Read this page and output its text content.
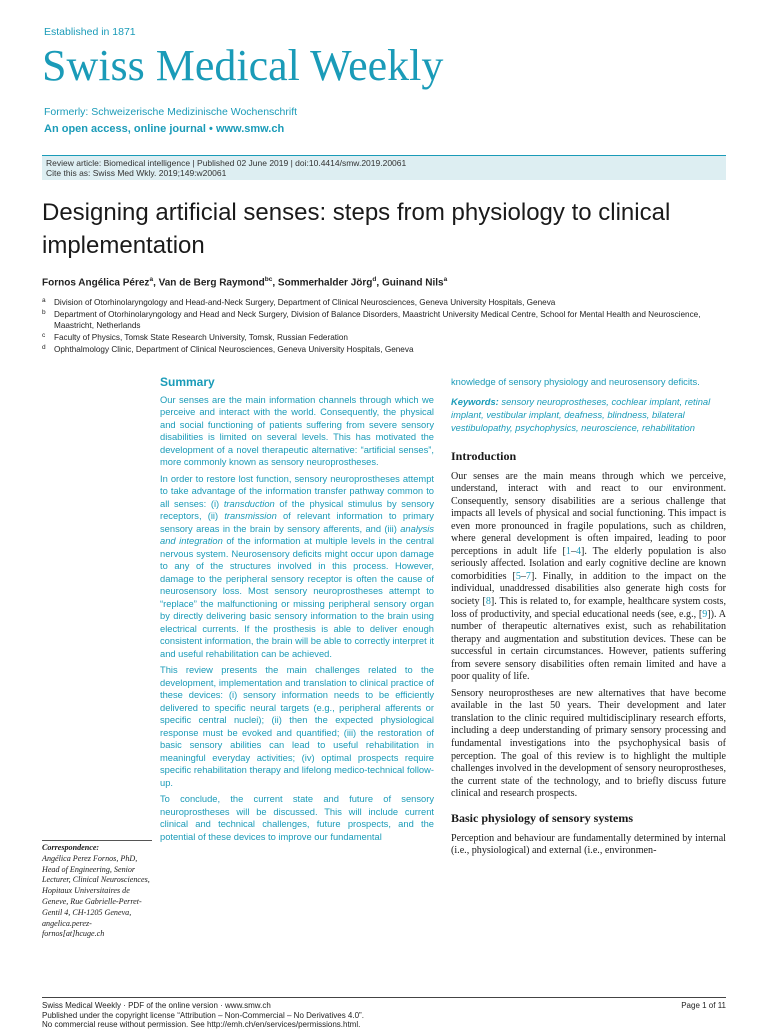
Established in 1871
Swiss Medical Weekly
Formerly: Schweizerische Medizinische Wochenschrift
An open access, online journal • www.smw.ch
Review article: Biomedical intelligence | Published 02 June 2019 | doi:10.4414/smw.2019.20061
Cite this as: Swiss Med Wkly. 2019;149:w20061
Designing artificial senses: steps from physiology to clinical implementation
Fornos Angélica Pérez$^a$, Van de Berg Raymond$^{bc}$, Sommerhalder Jörg$^d$, Guinand Nils$^a$
a Division of Otorhinolaryngology and Head-and-Neck Surgery, Department of Clinical Neurosciences, Geneva University Hospitals, Geneva
b Department of Otorhinolaryngology and Head and Neck Surgery, Division of Balance Disorders, Maastricht University Medical Centre, School for Mental Health and Neuroscience, Maastricht, Netherlands
c Faculty of Physics, Tomsk State Research University, Tomsk, Russian Federation
d Ophthalmology Clinic, Department of Clinical Neurosciences, Geneva University Hospitals, Geneva
Summary

Our senses are the main information channels through which we perceive and interact with the world. Consequently, the physical and social functioning of patients suffering from severe sensory disabilities is limited on several levels. This has motivated the development of a novel therapeutic alternative: “artificial senses”, more commonly known as sensory neuroprostheses.

In order to restore lost function, sensory neuroprostheses attempt to take advantage of the information transfer pathway common to all senses: (i) transduction of the physical stimulus by sensory receptors, (ii) transmission of relevant information to primary sensory areas in the brain by sensory afferents, and (iii) analysis and integration of the information at multiple levels in the central nervous system. Neurosensory deficits might occur upon damage to any of the structures involved in this process. However, damage to the peripheral sensory receptor is often the cause of neurosensory loss. Most sensory neuroprostheses attempt to “replace” the malfunctioning or missing peripheral sensory organ by directly delivering basic sensory information to the brain using electrical currents. If the prosthesis is able to deliver enough consistent information, the brain will be able to correctly interpret it and useful rehabilitation can be achieved.

This review presents the main challenges related to the development, implementation and translation to clinical practice of these devices: (i) sensory information needs to be efficiently delivered to specific neural targets (e.g., peripheral afferents or specific central nuclei); (ii) then the expected physiological response must be evoked and quantified; (iii) the restoration of basic sensory abilities can lead to useful rehabilitation in meaningful everyday activities; (iv) optimal prospects require specific rehabilitation therapy and lifelong medico-technical follow-up.

To conclude, the current state and future of sensory neuroprostheses will be discussed. This will include current clinical and technical challenges, future prospects, and the potential of these devices to improve our fundamental

knowledge of sensory physiology and neurosensory deficits.

Keywords: sensory neuroprostheses, cochlear implant, retinal implant, vestibular implant, deafness, blindness, bilateral vestibulopathy, psychophysics, neuroscience, rehabilitation

Introduction

Our senses are the main means through which we perceive, understand, interact with and react to our environment. Consequently, sensory disabilities are a serious challenge that impacts all levels of physical and social functioning. This impact is even more pronounced in fragile populations, such as children, where general development is often impaired, leading to poor perceptions in adult life [1–4]. The elderly population is also seriously affected. Isolation and early cognitive decline are known comorbidities [5–7]. Finally, in addition to the impact on the individual, unaddressed disabilities also generate high costs for society [8]. This is related to, for example, healthcare system costs, loss of productivity, and special educational needs (see, e.g., [9]). A number of therapeutic alternatives exist, such as rehabilitation therapy and augmentation and substitution devices. These can be successful in certain circumstances. However, patients suffering from severe sensory disabilities often remain limited and have a poor quality of life.

Sensory neuroprostheses are new alternatives that have become available in the last 50 years. Their development and later translation to the clinic required multidisciplinary research efforts, including a deep understanding of primary sensory processing and fundamental investigations into the psychophysical basis of perception. The goal of this review is to highlight the multiple challenges involved in the development of sensory neuroprostheses, the current state of the technology, and to briefly discuss future clinical and research prospects.

Basic physiology of sensory systems

Perception and behaviour are fundamentally determined by internal (i.e., physiological) and external (i.e., environmen-

Correspondence:
Angélica Perez Fornos, PhD, Head of Engineering, Senior Lecturer, Clinical Neurosciences, Hopitaux Universitaires de Geneve, Rue Gabrielle-Perret-Gentil 4, CH-1205 Geneva, angelica.perez-fornos[at]hcuge.ch
Swiss Medical Weekly · PDF of the online version · www.smw.ch	Page 1 of 11
Published under the copyright license “Attribution – Non-Commercial – No Derivatives 4.0”.
No commercial reuse without permission. See http://emh.ch/en/services/permissions.html.
